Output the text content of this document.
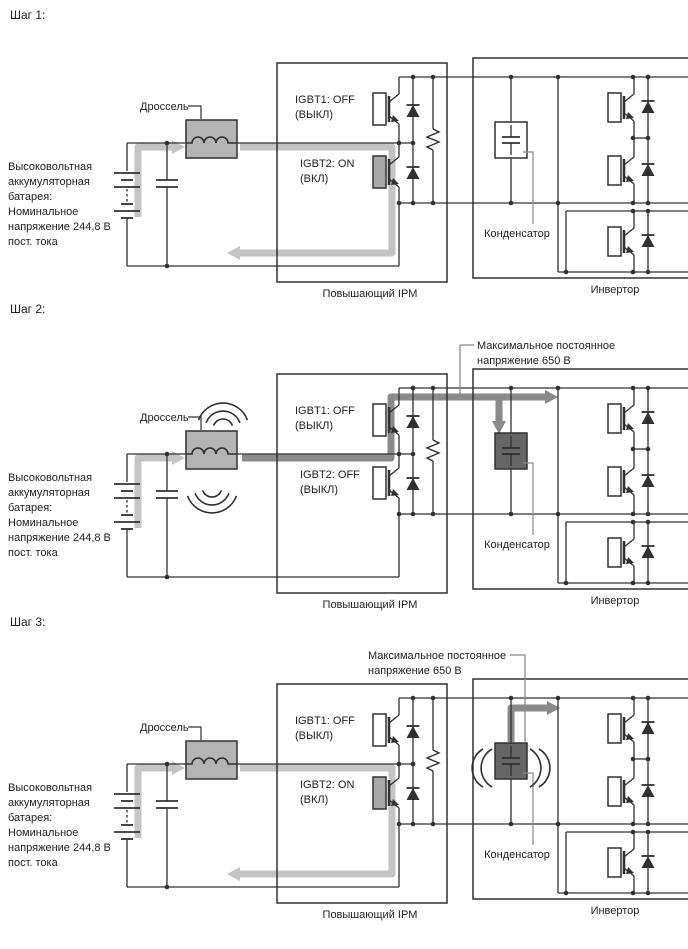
Шаг 1:
Высоковольтная
аккумуляторная
батарея:
Номинальное
напряжение 244,8 В
пост. тока
Дроссель
Повышающий IPM
IGBT1: OFF
(ВЫКЛ)
IGBT2: ON
(ВКЛ)
Конденсатор
Инвертор
Шаг 2:
Высоковольтная
аккумуляторная
батарея:
Номинальное
напряжение 244,8 В
пост. тока
Дроссель
Повышающий IPM
IGBT1: OFF
(ВЫКЛ)
IGBT2: OFF
(ВЫКЛ)
Конденсатор
Инвертор
Максимальное постоянное
напряжение 650 В
Шаг 3:
Высоковольтная
аккумуляторная
батарея:
Номинальное
напряжение 244,8 В
пост. тока
Дроссель
Повышающий IPM
IGBT1: OFF
(ВЫКЛ)
IGBT2: ON
(ВКЛ)
Конденсатор
Инвертор
Максимальное постоянное
напряжение 650 В
